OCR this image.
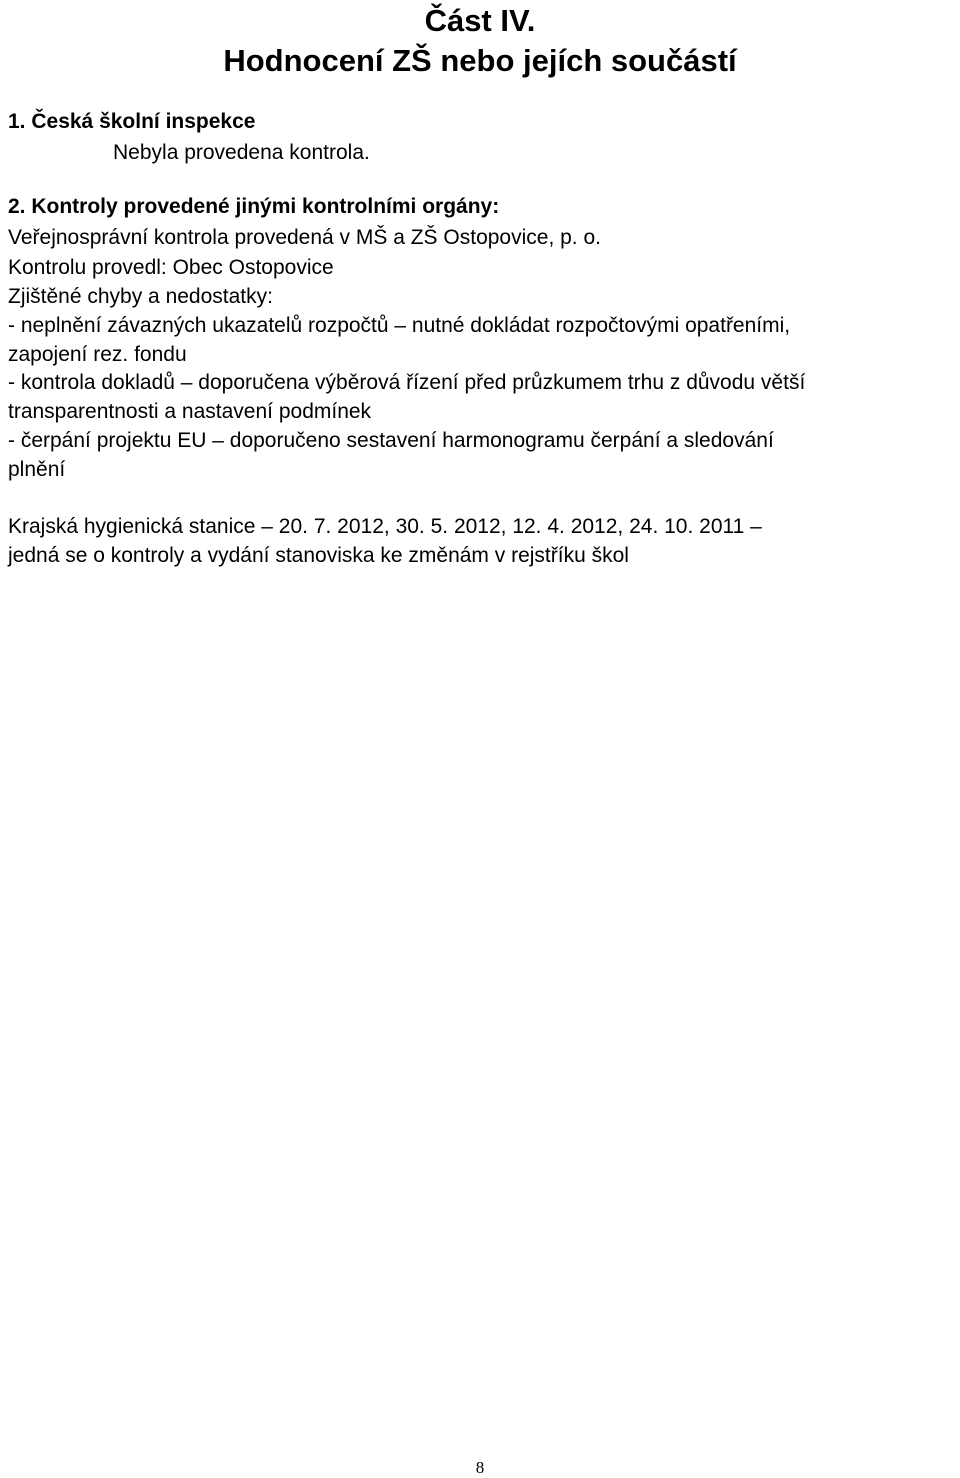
Část IV.
Hodnocení ZŠ nebo jejích součástí
1. Česká školní inspekce
Nebyla provedena kontrola.
2. Kontroly provedené jinými kontrolními orgány:
Veřejnosprávní kontrola provedená v MŠ a ZŠ Ostopovice, p. o.
Kontrolu provedl: Obec Ostopovice
Zjištěné chyby a nedostatky:
- neplnění závazných ukazatelů rozpočtů – nutné dokládat rozpočtovými opatřeními,
zapojení rez. fondu
- kontrola dokladů – doporučena výběrová řízení před průzkumem trhu z důvodu větší
transparentnosti a nastavení podmínek
- čerpání projektu EU – doporučeno sestavení harmonogramu čerpání a sledování
plnění
Krajská hygienická stanice – 20. 7. 2012, 30. 5. 2012, 12. 4. 2012, 24. 10. 2011 –
jedná se o kontroly a vydání stanoviska ke změnám v rejstříku škol
8
